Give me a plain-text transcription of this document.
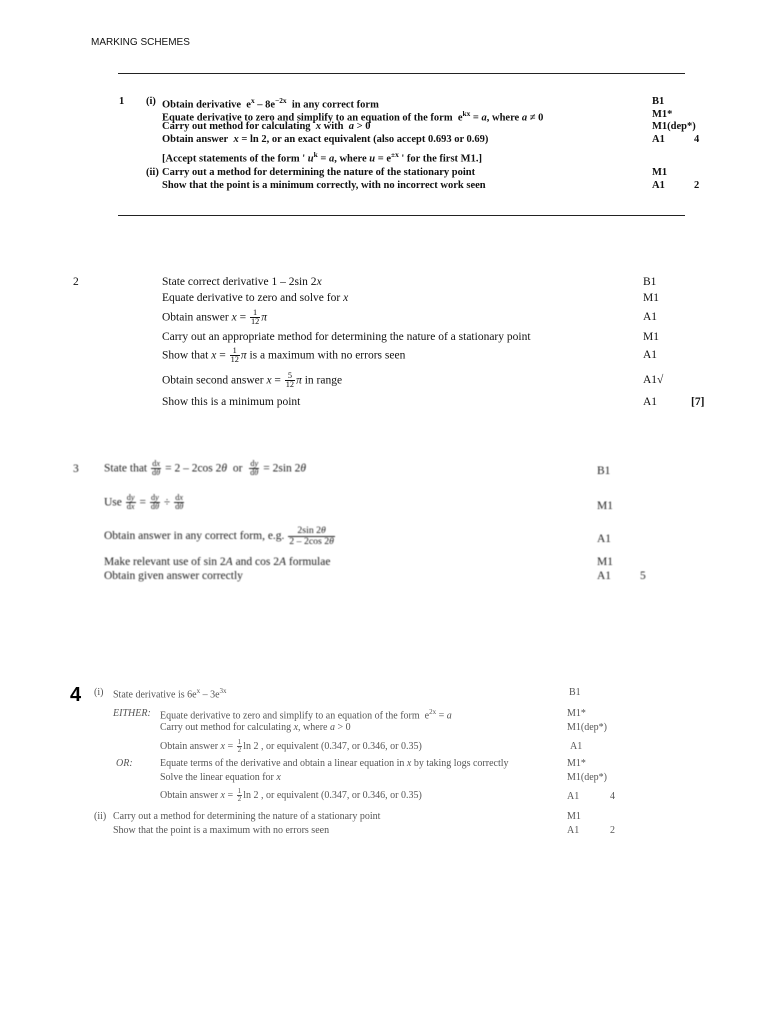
MARKING SCHEMES
1 (i) Obtain derivative  $e^x - 8e^{-2x}$  in any correct form	B1
Equate derivative to zero and simplify to an equation of the form  $e^{kx} = a$, where a ≠ 0	M1*
Carry out method for calculating  x with  a > 0	M1(dep*)
Obtain answer  x = ln 2, or an exact equivalent (also accept 0.693 or 0.69)	A1	4
[Accept statements of the form ' $u^k = a$, where $u = e^{\pm x}$ ' for the first M1.]
(ii) Carry out a method for determining the nature of the stationary point	M1
Show that the point is a minimum correctly, with no incorrect work seen	A1	2
2	State correct derivative 1 – 2sin 2x	B1
Equate derivative to zero and solve for x	M1
Obtain answer $x = \frac{1}{12}$ π	A1
Carry out an appropriate method for determining the nature of a stationary point	M1
Show that $x = \frac{1}{12}$ π is a maximum with no errors seen	A1
Obtain second answer $x = \frac{5}{12}$ π in range	A1√
Show this is a minimum point	A1	[7]
3 State that $\frac{dx}{d\theta} = 2 - 2\cos$ 2θ  or $\frac{dy}{d\theta} = 2\sin$ 2θ	B1
Use $\frac{dy}{dx} = \frac{dy}{d\theta} \div \frac{dx}{d\theta}$	M1
Obtain answer in any correct form, e.g. $\frac{2\sin 2\theta}{2 - 2\cos 2\theta}$	A1
Make relevant use of sin 2A and cos 2A formulae	M1
Obtain given answer correctly	A1	5
4 (i) State derivative is $6e^x - 3e^{3x}$	B1
EITHER: Equate derivative to zero and simplify to an equation of the form  $e^{2x} = a$	M1*
Carry out method for calculating x, where a > 0	M1(dep*)
Obtain answer $x = \frac{1}{2}$ ln 2 , or equivalent (0.347, or 0.346, or 0.35)	A1
OR:	Equate terms of the derivative and obtain a linear equation in x by taking logs correctly	M1*
Solve the linear equation for x	M1(dep*)
Obtain answer $x = \frac{1}{2}$ ln 2 , or equivalent (0.347, or 0.346, or 0.35)	A1	4
(ii) Carry out a method for determining the nature of a stationary point	M1
Show that the point is a maximum with no errors seen	A1	2
